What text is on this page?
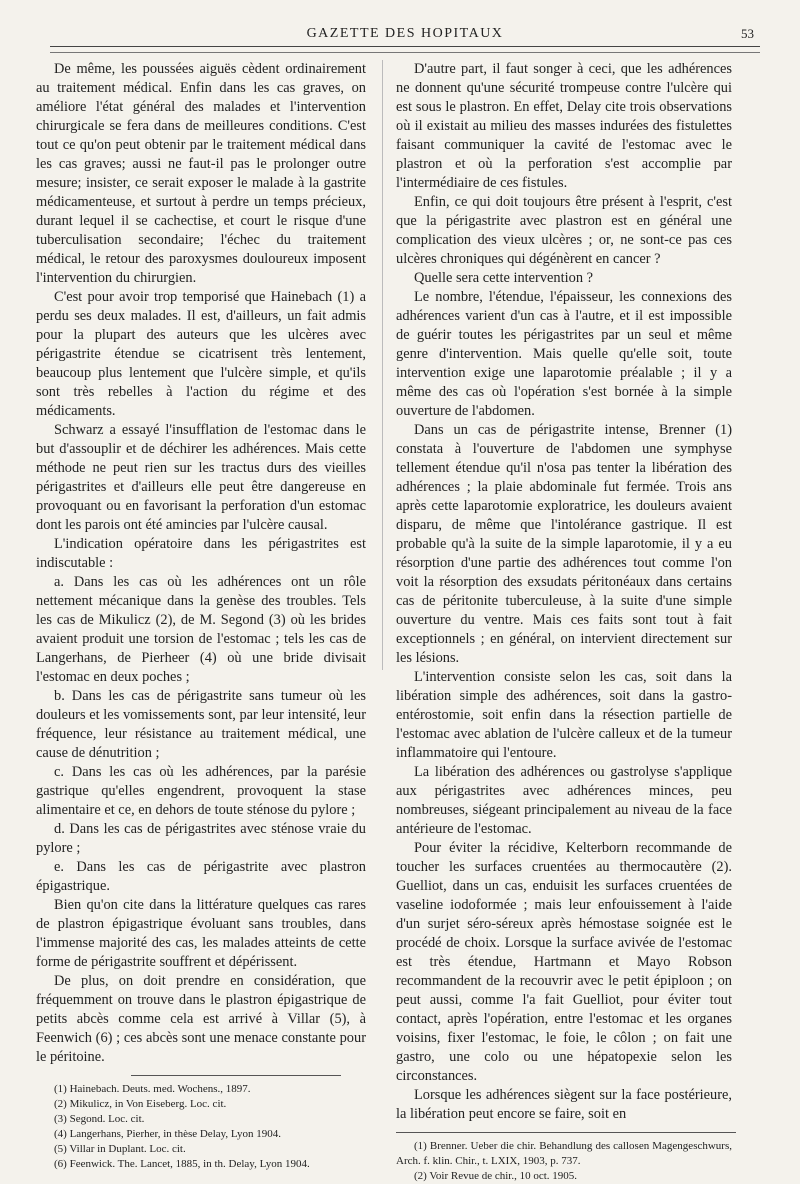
GAZETTE DES HOPITAUX	53

De même, les poussées aiguës cèdent ordinairement au traitement médical. Enfin dans les cas graves, on améliore l'état général des malades et l'intervention chirurgicale se fera dans de meilleures conditions. C'est tout ce qu'on peut obtenir par le traitement médical dans les cas graves; aussi ne faut-il pas le prolonger outre mesure; insister, ce serait exposer le malade à la gastrite médicamenteuse, et surtout à perdre un temps précieux, durant lequel il se cachectise, et court le risque d'une tuberculisation secondaire; l'échec du traitement médical, le retour des paroxysmes douloureux imposent l'intervention du chirurgien.

C'est pour avoir trop temporisé que Hainebach (1) a perdu ses deux malades. Il est, d'ailleurs, un fait admis pour la plupart des auteurs que les ulcères avec périgastrite étendue se cicatrisent très lentement, beaucoup plus lentement que l'ulcère simple, et qu'ils sont très rebelles à l'action du régime et des médicaments.

Schwarz a essayé l'insufflation de l'estomac dans le but d'assouplir et de déchirer les adhérences. Mais cette méthode ne peut rien sur les tractus durs des vieilles périgastrites et d'ailleurs elle peut être dangereuse en provoquant ou en favorisant la perforation d'un estomac dont les parois ont été amincies par l'ulcère causal.

L'indication opératoire dans les périgastrites est indiscutable :

a. Dans les cas où les adhérences ont un rôle nettement mécanique dans la genèse des troubles. Tels les cas de Mikulicz (2), de M. Segond (3) où les brides avaient produit une torsion de l'estomac ; tels les cas de Langerhans, de Pierheer (4) où une bride divisait l'estomac en deux poches ;

b. Dans les cas de périgastrite sans tumeur où les douleurs et les vomissements sont, par leur intensité, leur fréquence, leur résistance au traitement médical, une cause de dénutrition ;

c. Dans les cas où les adhérences, par la parésie gastrique qu'elles engendrent, provoquent la stase alimentaire et ce, en dehors de toute sténose du pylore ;

d. Dans les cas de périgastrites avec sténose vraie du pylore ;

e. Dans les cas de périgastrite avec plastron épigastrique.

Bien qu'on cite dans la littérature quelques cas rares de plastron épigastrique évoluant sans troubles, dans l'immense majorité des cas, les malades atteints de cette forme de périgastrite souffrent et dépérissent.

De plus, on doit prendre en considération, que fréquemment on trouve dans le plastron épigastrique de petits abcès comme cela est arrivé à Villar (5), à Feenwich (6) ; ces abcès sont une menace constante pour le péritoine.

(1) Hainebach. Deuts. med. Wochens., 1897.

(2) Mikulicz, in Von Eiseberg. Loc. cit.

(3) Segond. Loc. cit.

(4) Langerhans, Pierher, in thèse Delay, Lyon 1904.

(5) Villar in Duplant. Loc. cit.

(6) Feenwick. The. Lancet, 1885, in th. Delay, Lyon 1904.

D'autre part, il faut songer à ceci, que les adhérences ne donnent qu'une sécurité trompeuse contre l'ulcère qui est sous le plastron. En effet, Delay cite trois observations où il existait au milieu des masses indurées des fistulettes faisant communiquer la cavité de l'estomac avec le plastron et où la perforation s'est accomplie par l'intermédiaire de ces fistules.

Enfin, ce qui doit toujours être présent à l'esprit, c'est que la périgastrite avec plastron est en général une complication des vieux ulcères ; or, ne sont-ce pas ces ulcères chroniques qui dégénèrent en cancer ?

Quelle sera cette intervention ?

Le nombre, l'étendue, l'épaisseur, les connexions des adhérences varient d'un cas à l'autre, et il est impossible de guérir toutes les périgastrites par un seul et même genre d'intervention. Mais quelle qu'elle soit, toute intervention exige une laparotomie préalable ; il y a même des cas où l'opération s'est bornée à la simple ouverture de l'abdomen.

Dans un cas de périgastrite intense, Brenner (1) constata à l'ouverture de l'abdomen une symphyse tellement étendue qu'il n'osa pas tenter la libération des adhérences ; la plaie abdominale fut fermée. Trois ans après cette laparotomie exploratrice, les douleurs avaient disparu, de même que l'intolérance gastrique. Il est probable qu'à la suite de la simple laparotomie, il y a eu résorption d'une partie des adhérences tout comme l'on voit la résorption des exsudats péritonéaux dans certains cas de péritonite tuberculeuse, à la suite d'une simple ouverture du ventre. Mais ces faits sont tout à fait exceptionnels ; en général, on intervient directement sur les lésions.

L'intervention consiste selon les cas, soit dans la libération simple des adhérences, soit dans la gastro-entérostomie, soit enfin dans la résection partielle de l'estomac avec ablation de l'ulcère calleux et de la tumeur inflammatoire qui l'entoure.

La libération des adhérences ou gastrolyse s'applique aux périgastrites avec adhérences minces, peu nombreuses, siégeant principalement au niveau de la face antérieure de l'estomac.

Pour éviter la récidive, Kelterborn recommande de toucher les surfaces cruentées au thermocautère (2). Guelliot, dans un cas, enduisit les surfaces cruentées de vaseline iodoformée ; mais leur enfouissement à l'aide d'un surjet séro-séreux après hémostase soignée est le procédé de choix. Lorsque la surface avivée de l'estomac est très étendue, Hartmann et Mayo Robson recommandent de la recouvrir avec le petit épiploon ; on peut aussi, comme l'a fait Guelliot, pour éviter tout contact, après l'opération, entre l'estomac et les organes voisins, fixer l'estomac, le foie, le côlon ; on fait une gastro, une colo ou une hépatopexie selon les circonstances.

Lorsque les adhérences siègent sur la face postérieure, la libération peut encore se faire, soit en

(1) Brenner. Ueber die chir. Behandlung des callosen Magengeschwurs, Arch. f. klin. Chir., t. LXIX, 1903, p. 737.

(2) Voir Revue de chir., 10 oct. 1905.
